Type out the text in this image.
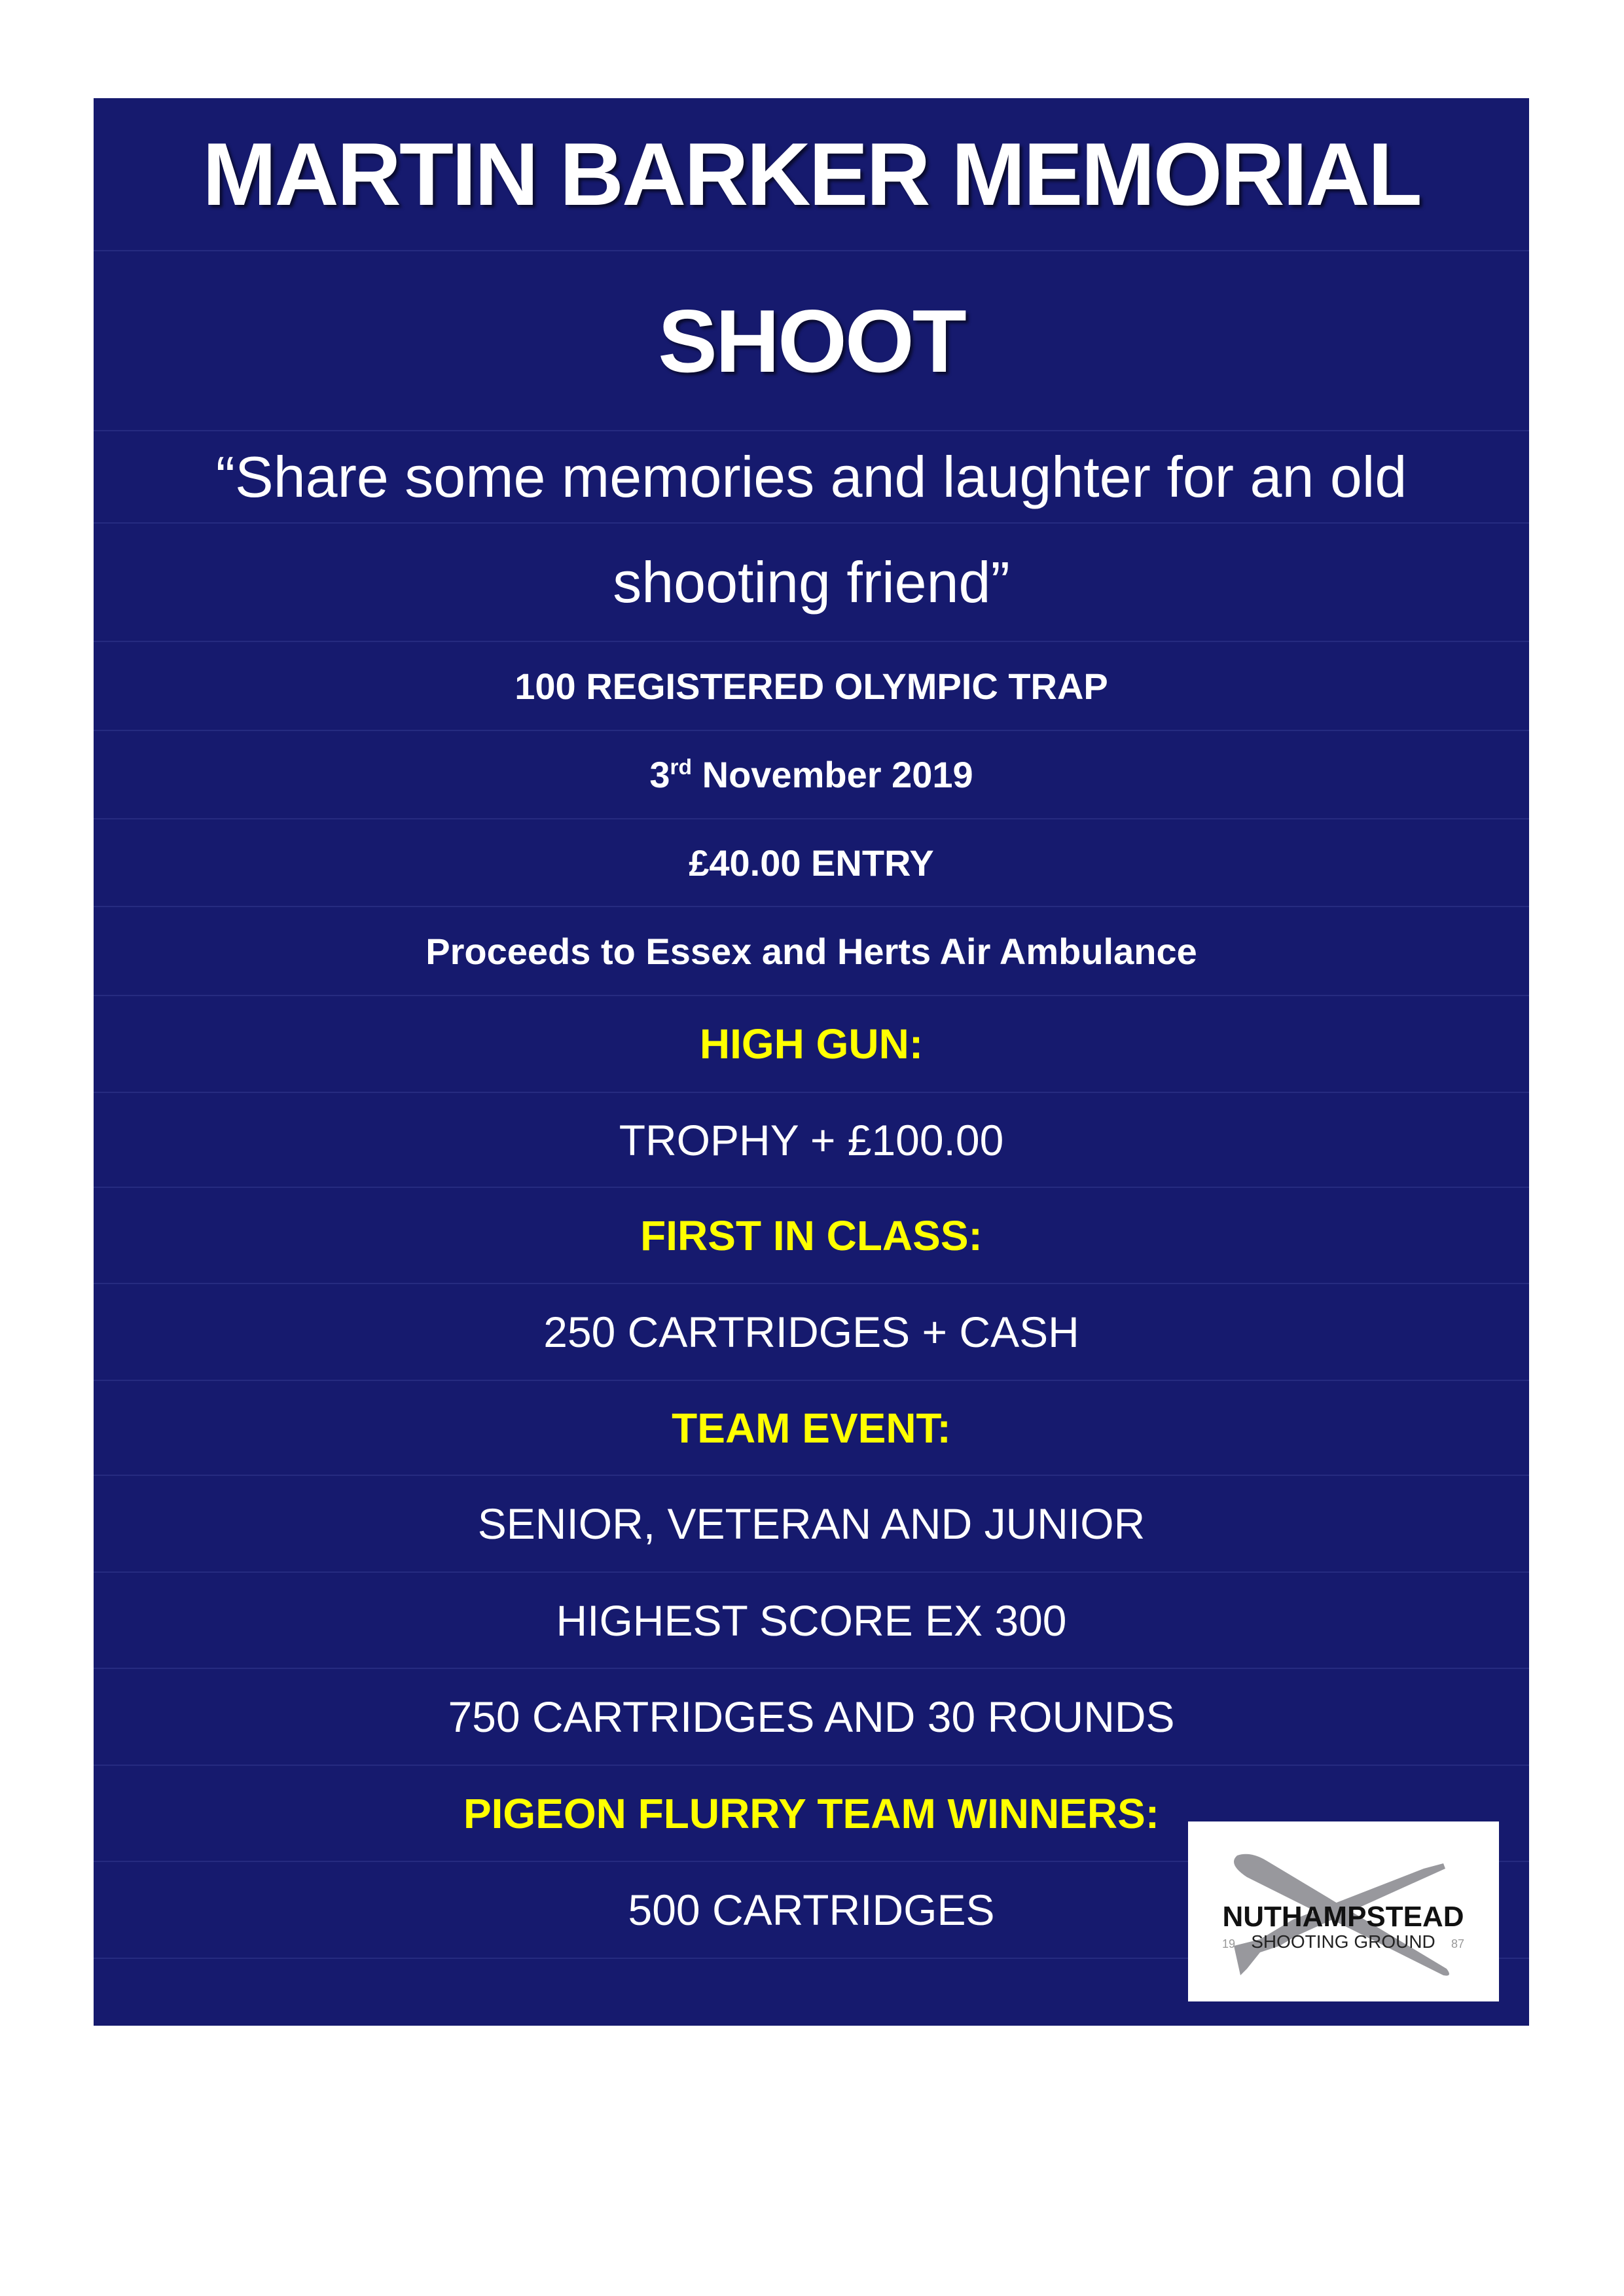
MARTIN BARKER MEMORIAL
SHOOT
“Share some memories and laughter for an old
shooting friend”
100 REGISTERED OLYMPIC TRAP
3rd November 2019
£40.00 ENTRY
Proceeds to Essex and Herts Air Ambulance
HIGH GUN:
TROPHY + £100.00
FIRST IN CLASS:
250 CARTRIDGES + CASH
TEAM EVENT:
SENIOR, VETERAN AND JUNIOR
HIGHEST SCORE EX 300
750 CARTRIDGES AND 30 ROUNDS
PIGEON FLURRY TEAM WINNERS:
500 CARTRIDGES	NUTHAMPSTEAD
SHOOTING GROUND
19	87
